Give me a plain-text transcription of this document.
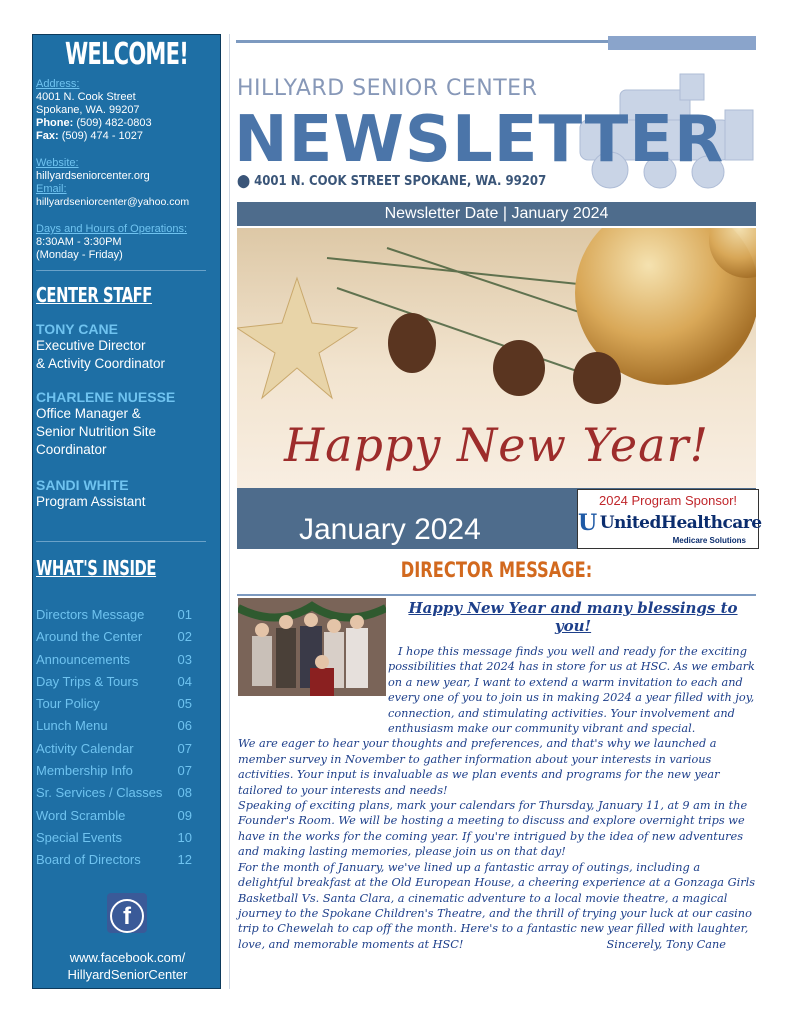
WELCOME!
Address:
4001 N. Cook Street
Spokane, WA. 99207
Phone: (509) 482-0803
Fax: (509) 474 - 1027
Website:
hillyardseniorcenter.org
Email:
hillyardseniorcenter@yahoo.com
Days and Hours of Operations:
8:30AM - 3:30PM
(Monday - Friday)
CENTER STAFF
TONY CANE
Executive Director
& Activity Coordinator
CHARLENE NUESSE
Office Manager &
Senior Nutrition Site
Coordinator
SANDI WHITE
Program Assistant
WHAT'S INSIDE
Directors Message	01
Around the Center	02
Announcements	03
Day Trips & Tours	04
Tour Policy	05
Lunch Menu	06
Activity Calendar	07
Membership Info	07
Sr. Services / Classes 08
Word Scramble	09
Special Events	10
Board of Directors	12
f
www.facebook.com/
HillyardSeniorCenter
HILLYARD SENIOR CENTER
NEWSLETTER
⬤ 4001 N. COOK STREET SPOKANE, WA. 99207
Newsletter Date | January 2024
Happy New Year!
January 2024
2024 Program Sponsor!
U UnitedHealthcare
Medicare Solutions
DIRECTOR MESSAGE:
Happy New Year and many blessings to you!

I hope this message finds you well and ready for the exciting possibilities that 2024 has in store for us at HSC. As we embark on a new year, I want to extend a warm invitation to each and every one of you to join us in making 2024 a year filled with joy, connection, and stimulating activities. Your involvement and enthusiasm make our community vibrant and special.

We are eager to hear your thoughts and preferences, and that's why we launched a member survey in November to gather information about your interests in various activities. Your input is invaluable as we plan events and programs for the new year tailored to your interests and needs!

Speaking of exciting plans, mark your calendars for Thursday, January 11, at 9 am in the Founder's Room. We will be hosting a meeting to discuss and explore overnight trips we have in the works for the coming year. If you're intrigued by the idea of new adventures and making lasting memories, please join us on that day!

For the month of January, we've lined up a fantastic array of outings, including a delightful breakfast at the Old European House, a cheering experience at a Gonzaga Girls Basketball Vs. Santa Clara, a cinematic adventure to a local movie theatre, a magical journey to the Spokane Children's Theatre, and the thrill of trying your luck at our casino trip to Chewelah to cap off the month. Here's to a fantastic new year filled with laughter, love, and memorable moments at HSC!	Sincerely, Tony Cane
